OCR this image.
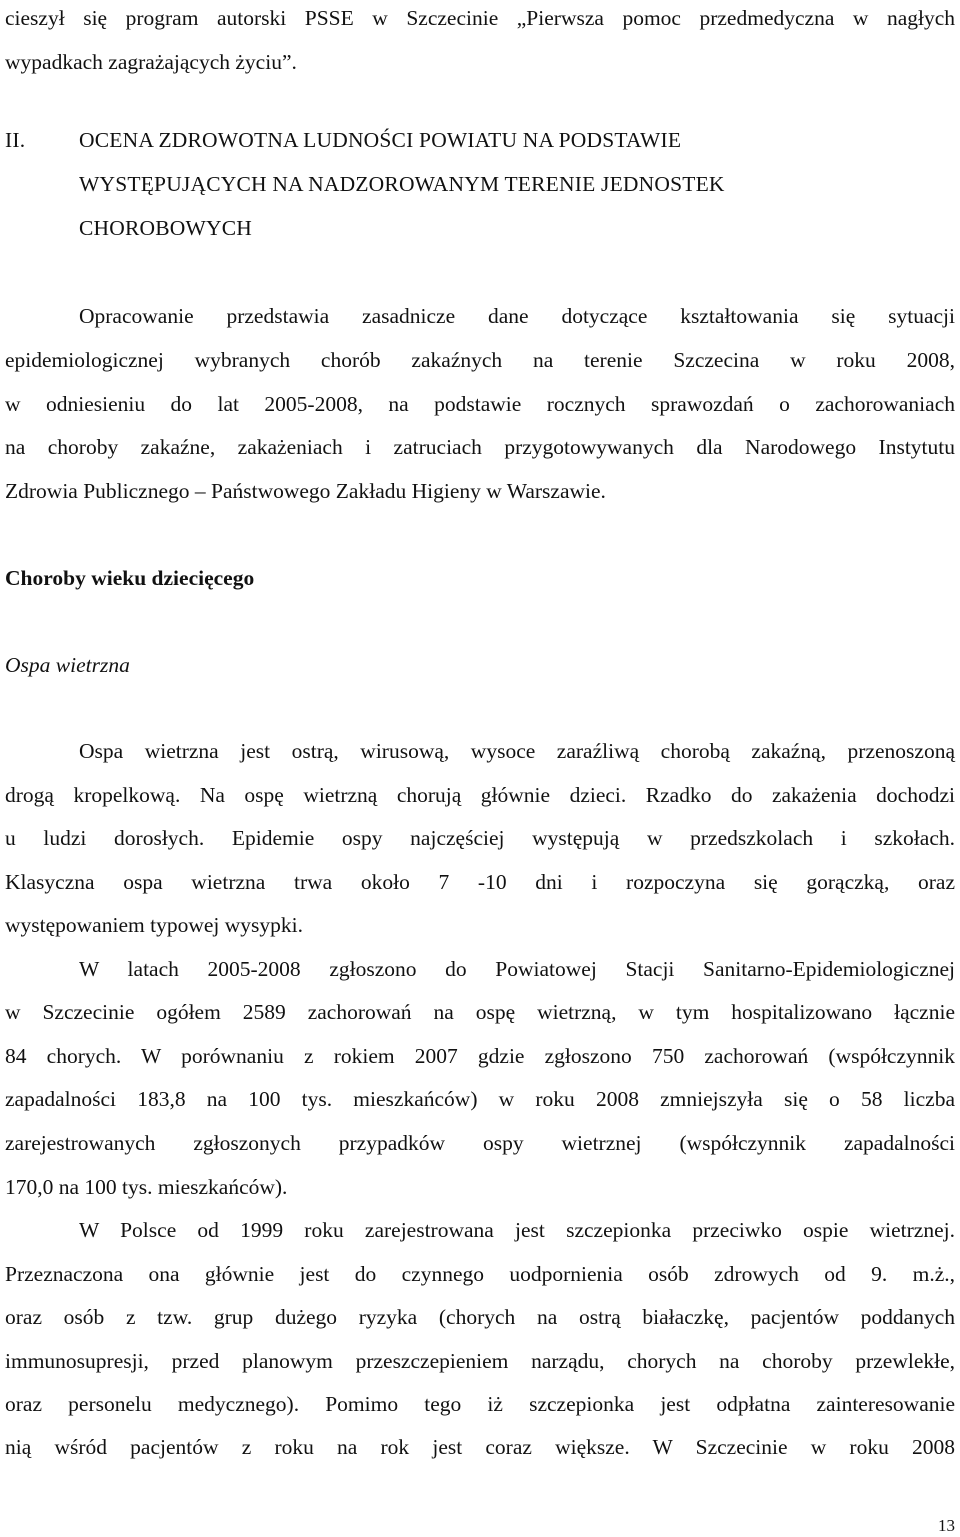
cieszył się program autorski PSSE w Szczecinie „Pierwsza pomoc przedmedyczna w nagłych
wypadkach zagrażających życiu”.
II. OCENA ZDROWOTNA LUDNOŚCI POWIATU NA PODSTAWIE
WYSTĘPUJĄCYCH NA NADZOROWANYM TERENIE JEDNOSTEK
CHOROBOWYCH
Opracowanie przedstawia zasadnicze dane dotyczące kształtowania się sytuacji
epidemiologicznej wybranych chorób zakaźnych na terenie Szczecina w roku 2008,
w odniesieniu do lat 2005-2008, na podstawie rocznych sprawozdań o zachorowaniach
na choroby zakaźne, zakażeniach i zatruciach przygotowywanych dla Narodowego Instytutu
Zdrowia Publicznego – Państwowego Zakładu Higieny w Warszawie.
Choroby wieku dziecięcego
Ospa wietrzna
Ospa wietrzna jest ostrą, wirusową, wysoce zaraźliwą chorobą zakaźną, przenoszoną
drogą kropelkową. Na ospę wietrzną chorują głównie dzieci. Rzadko do zakażenia dochodzi
u ludzi dorosłych. Epidemie ospy najczęściej występują w przedszkolach i szkołach.
Klasyczna ospa wietrzna trwa około 7 -10 dni i rozpoczyna się gorączką, oraz
występowaniem typowej wysypki.
W latach 2005-2008 zgłoszono do Powiatowej Stacji Sanitarno-Epidemiologicznej
w Szczecinie ogółem 2589 zachorowań na ospę wietrzną, w tym hospitalizowano łącznie
84 chorych. W porównaniu z rokiem 2007 gdzie zgłoszono 750 zachorowań (współczynnik
zapadalności 183,8 na 100 tys. mieszkańców) w roku 2008 zmniejszyła się o 58 liczba
zarejestrowanych zgłoszonych przypadków ospy wietrznej (współczynnik zapadalności
170,0 na 100 tys. mieszkańców).
W Polsce od 1999 roku zarejestrowana jest szczepionka przeciwko ospie wietrznej.
Przeznaczona ona głównie jest do czynnego uodpornienia osób zdrowych od 9. m.ż.,
oraz osób z tzw. grup dużego ryzyka (chorych na ostrą białaczkę, pacjentów poddanych
immunosupresji, przed planowym przeszczepieniem narządu, chorych na choroby przewlekłe,
oraz personelu medycznego). Pomimo tego iż szczepionka jest odpłatna zainteresowanie
nią wśród pacjentów z roku na rok jest coraz większe. W Szczecinie w roku 2008
13
